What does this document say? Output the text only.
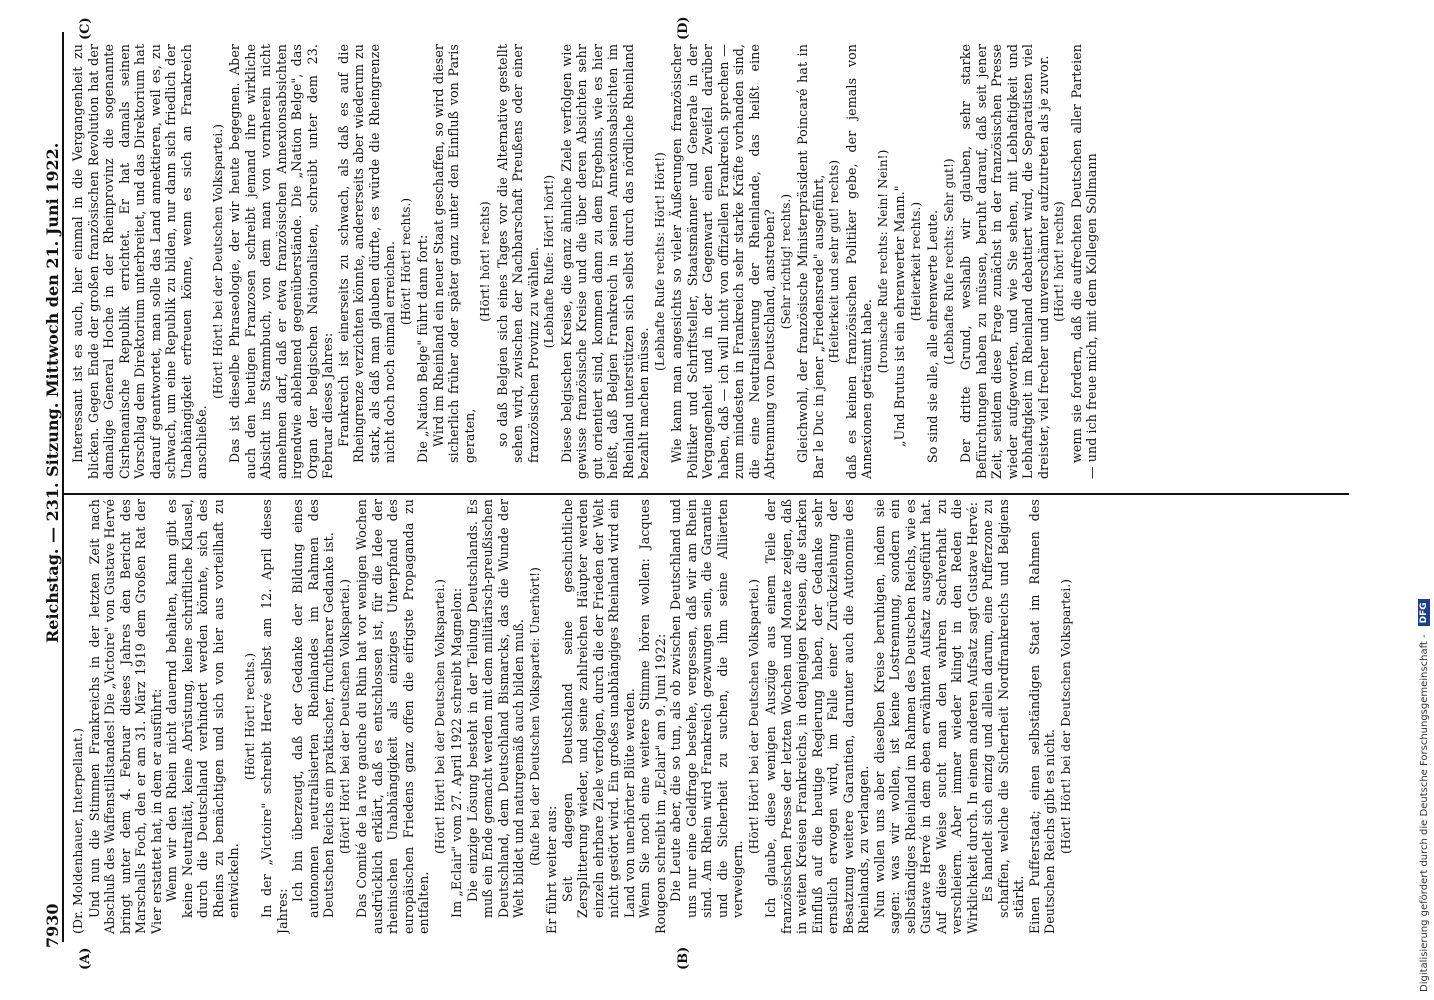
7930
Reichstag. — 231. Sitzung. Mittwoch den 21. Juni 1922.
(A)	(B)
(C)	(D)

(Dr. Moldenhauer, Interpellant.) Und nun die Stimmen Frankreichs in der letzten Zeit nach Abschluß des Waffenstillstandes! Die „Victoire" von Gustave Hervé bringt unter dem 4. Februar dieses Jahres den Bericht des Marschalls Foch, den er am 31. März 1919 dem Großen Rat der Vier erstattet hat, in dem er ausführt: Wenn wir den Rhein nicht dauernd behalten, kann gibt es keine Neutralität, keine Abrüstung, keine schriftliche Klausel, durch die Deutschland verhindert werden könnte, sich des Rheins zu bemächtigen und sich von hier aus vorteilhaft zu entwickeln.

(Hört! Hört! rechts.) In der „Victoire" schreibt Hervé selbst am 12. April dieses Jahres:

Ich bin überzeugt, daß der Gedanke der Bildung eines autonomen neutralisierten Rheinlandes im Rahmen des Deutschen Reichs ein praktischer, fruchtbarer Gedanke ist. (Hört! Hört! bei der Deutschen Volkspartei.) Das Comité de la rive gauche du Rhin hat vor wenigen Wochen ausdrücklich erklärt, daß es entschlossen ist, für die Idee der rheinischen Unabhängigkeit als einziges Unterpfand des europäischen Friedens ganz offen die eifrigste Propaganda zu entfalten.

(Hört! Hört! bei der Deutschen Volkspartei.) Im „Eclair" vom 27. April 1922 schreibt Magnelon: Die einzige Lösung besteht in der Teilung Deutschlands. Es muß ein Ende gemacht werden mit dem militärisch-preußischen Deutschland, dem Deutschland Bismarcks, das die Wunde der Welt bildet und naturgemäß auch bilden muß. (Rufe bei der Deutschen Volkspartei: Unerhört!)

Er führt weiter aus: Seit dagegen Deutschland seine geschichtliche Zersplitterung wieder, und seine zahlreichen Häupter werden einzeln ehrbare Ziele verfolgen, durch die der Frieden der Welt nicht gestört wird. Ein großes unabhängiges Rheinland wird ein Land von unerhörter Blüte werden. Wenn Sie noch eine weitere Stimme hören wollen: Jacques Rougeon schreibt im „Eclair" am 9. Juni 1922: Die Leute aber, die so tun, als ob zwischen Deutschland und uns nur eine Geldfrage bestehe, vergessen, daß wir am Rhein sind. Am Rhein wird Frankreich gezwungen sein, die Garantie und die Sicherheit zu suchen, die ihm seine Alliierten verweigern.

(Hört! Hört! bei der Deutschen Volkspartei.) Ich glaube, diese wenigen Auszüge aus einem Teile der französischen Presse der letzten Wochen und Monate zeigen, daß in weiten Kreisen Frankreichs, in denjenigen Kreisen, die starken Einfluß auf die heutige Regierung haben, der Gedanke sehr ernstlich erwogen wird, im Falle einer Zurückziehung der Besatzung weitere Garantien, darunter auch die Autonomie des Rheinlands, zu verlangen. Nun wollen uns aber dieselben Kreise beruhigen, indem sie sagen: was wir wollen, ist keine Lostrennung, sondern ein selbständiges Rheinland im Rahmen des Deutschen Reichs, wie es Gustave Hervé in dem eben erwähnten Aufsatz ausgeführt hat. Auf diese Weise sucht man den wahren Sachverhalt zu verschleiern. Aber immer wieder klingt in den Reden die Wirklichkeit durch. In einem anderen Aufsatz sagt Gustave Hervé: Es handelt sich einzig und allein darum, eine Pufferzone zu schaffen, welche die Sicherheit Nordfrankreichs und Belgiens stärkt. Einen Pufferstaat; einen selbständigen Staat im Rahmen des Deutschen Reichs gibt es nicht. (Hört! Hört! bei der Deutschen Volkspartei.)

Interessant ist es auch, hier einmal in die Vergangenheit zu blicken. Gegen Ende der großen französischen Revolution hat der damalige General Hoche in der Rheinprovinz die sogenannte Cisrhenanische Republik errichtet. Er hat damals seinen Vorschlag dem Direktorium unterbreitet, und das Direktorium hat darauf geantwortet, man solle das Land annektieren, weil es, zu schwach, um eine Republik zu bilden, nur dann sich friedlich der Unabhängigkeit erfreuen könne, wenn es sich an Frankreich anschließe.

(Hört! Hört! bei der Deutschen Volkspartei.) Das ist dieselbe Phraseologie, der wir heute begegnen. Aber auch den heutigen Franzosen schreibt jemand ihre wirkliche Absicht ins Stammbuch, von dem man von vornherein nicht annehmen darf, daß er etwa französischen Annexionsabsichten irgendwie ablehnend gegenüberstände. Die „Nation Belge", das Organ der belgischen Nationalisten, schreibt unter dem 23. Februar dieses Jahres: Frankreich ist einerseits zu schwach, als daß es auf die Rheingrenze verzichten könnte, andererseits aber wiederum zu stark, als daß man glauben dürfte, es würde die Rheingrenze nicht doch noch einmal erreichen. (Hört! Hört! rechts.) Die „Nation Belge" führt dann fort: Wird im Rheinland ein neuer Staat geschaffen, so wird dieser sicherlich früher oder später ganz unter den Einfluß von Paris geraten,

(Hört! hört! rechts) so daß Belgien sich eines Tages vor die Alternative gestellt sehen wird, zwischen der Nachbarschaft Preußens oder einer französischen Provinz zu wählen. (Lebhafte Rufe: Hört! hört!) Diese belgischen Kreise, die ganz ähnliche Ziele verfolgen wie gewisse französische Kreise und die über deren Absichten sehr gut orientiert sind, kommen dann zu dem Ergebnis, wie es hier heißt, daß Belgien Frankreich in seinen Annexionsabsichten im Rheinland unterstützen sich selbst durch das nördliche Rheinland bezahlt machen müsse.

(Lebhafte Rufe rechts: Hört! Hört!) Wie kann man angesichts so vieler Äußerungen französischer Politiker und Schriftsteller, Staatsmänner und Generale in der Vergangenheit und in der Gegenwart einen Zweifel darüber haben, daß — ich will nicht von offiziellen Frankreich sprechen — zum mindesten in Frankreich sehr starke Kräfte vorhanden sind, die eine Neutralisierung der Rheinlande, das heißt eine Abtrennung von Deutschland, anstreben? (Sehr richtig! rechts.) Gleichwohl, der französische Ministerpräsident Poincaré hat in Bar le Duc in jener „Friedensrede" ausgeführt, (Heiterkeit und sehr gut! rechts) daß es keinen französischen Politiker gebe, der jemals von Annexionen geträumt habe.

(Ironische Rufe rechts: Nein! Nein!) „Und Brutus ist ein ehrenwerter Mann." (Heiterkeit rechts.) So sind sie alle, alle ehrenwerte Leute. (Lebhafte Rufe rechts: Sehr gut!) Der dritte Grund, weshalb wir glauben, sehr starke Befürchtungen haben zu müssen, beruht darauf, daß seit jener Zeit, seitdem diese Frage zunächst in der französischen Presse wieder aufgeworfen, und wie Sie sehen, mit Lebhaftigkeit und Lebhaftigkeit im Rheinland debattiert wird, die Separatisten viel dreister, viel frecher und unverschämter aufzutreten als je zuvor. (Hört! hört! rechts) wenn sie fordern, daß die aufrechten Deutschen aller Parteien — und ich freue mich, mit dem Kollegen Sollmann

Digitalisierung gefördert durch die Deutsche Forschungsgemeinschaft -
DFG
